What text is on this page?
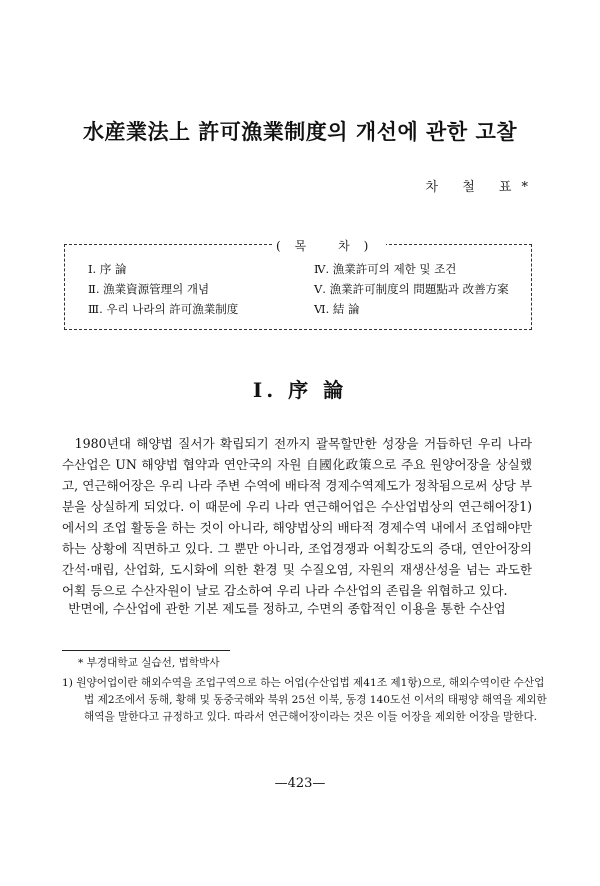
水産業法上 許可漁業制度의 개선에 관한 고찰
차 철 표*
(목 차)
Ⅰ. 序 論
Ⅱ. 漁業資源管理의 개념
Ⅲ. 우리 나라의 許可漁業制度
Ⅳ. 漁業許可의 제한 및 조건
Ⅴ. 漁業許可制度의 問題點과 改善方案
Ⅵ. 結 論
Ⅰ. 序 論

1980년대 해양법 질서가 확립되기 전까지 괄목할만한 성장을 거듭하던 우리 나라 수산업은 UN 해양법 협약과 연안국의 자원 自國化政策으로 주요 원양어장을 상실했고, 연근해어장은 우리 나라 주변 수역에 배타적 경제수역제도가 정착됨으로써 상당 부분을 상실하게 되었다. 이 때문에 우리 나라 연근해어업은 수산업법상의 연근해어장1)에서의 조업 활동을 하는 것이 아니라, 해양법상의 배타적 경제수역 내에서 조업해야만 하는 상황에 직면하고 있다. 그 뿐만 아니라, 조업경쟁과 어획강도의 증대, 연안어장의 간석·매립, 산업화, 도시화에 의한 환경 및 수질오염, 자원의 재생산성을 넘는 과도한 어획 등으로 수산자원이 날로 감소하여 우리 나라 수산업의 존립을 위협하고 있다.

반면에, 수산업에 관한 기본 제도를 정하고, 수면의 종합적인 이용을 통한 수산업

* 부경대학교 실습선, 법학박사

1) 원양어업이란 해외수역을 조업구역으로 하는 어업(수산업법 제41조 제1항)으로, 해외수역이란 수산업법 제2조에서 동해, 황해 및 동중국해와 북위 25선 이북, 동경 140도선 이서의 태평양 해역을 제외한 해역을 말한다고 규정하고 있다. 따라서 연근해어장이라는 것은 이들 어장을 제외한 어장을 말한다.

—423—
